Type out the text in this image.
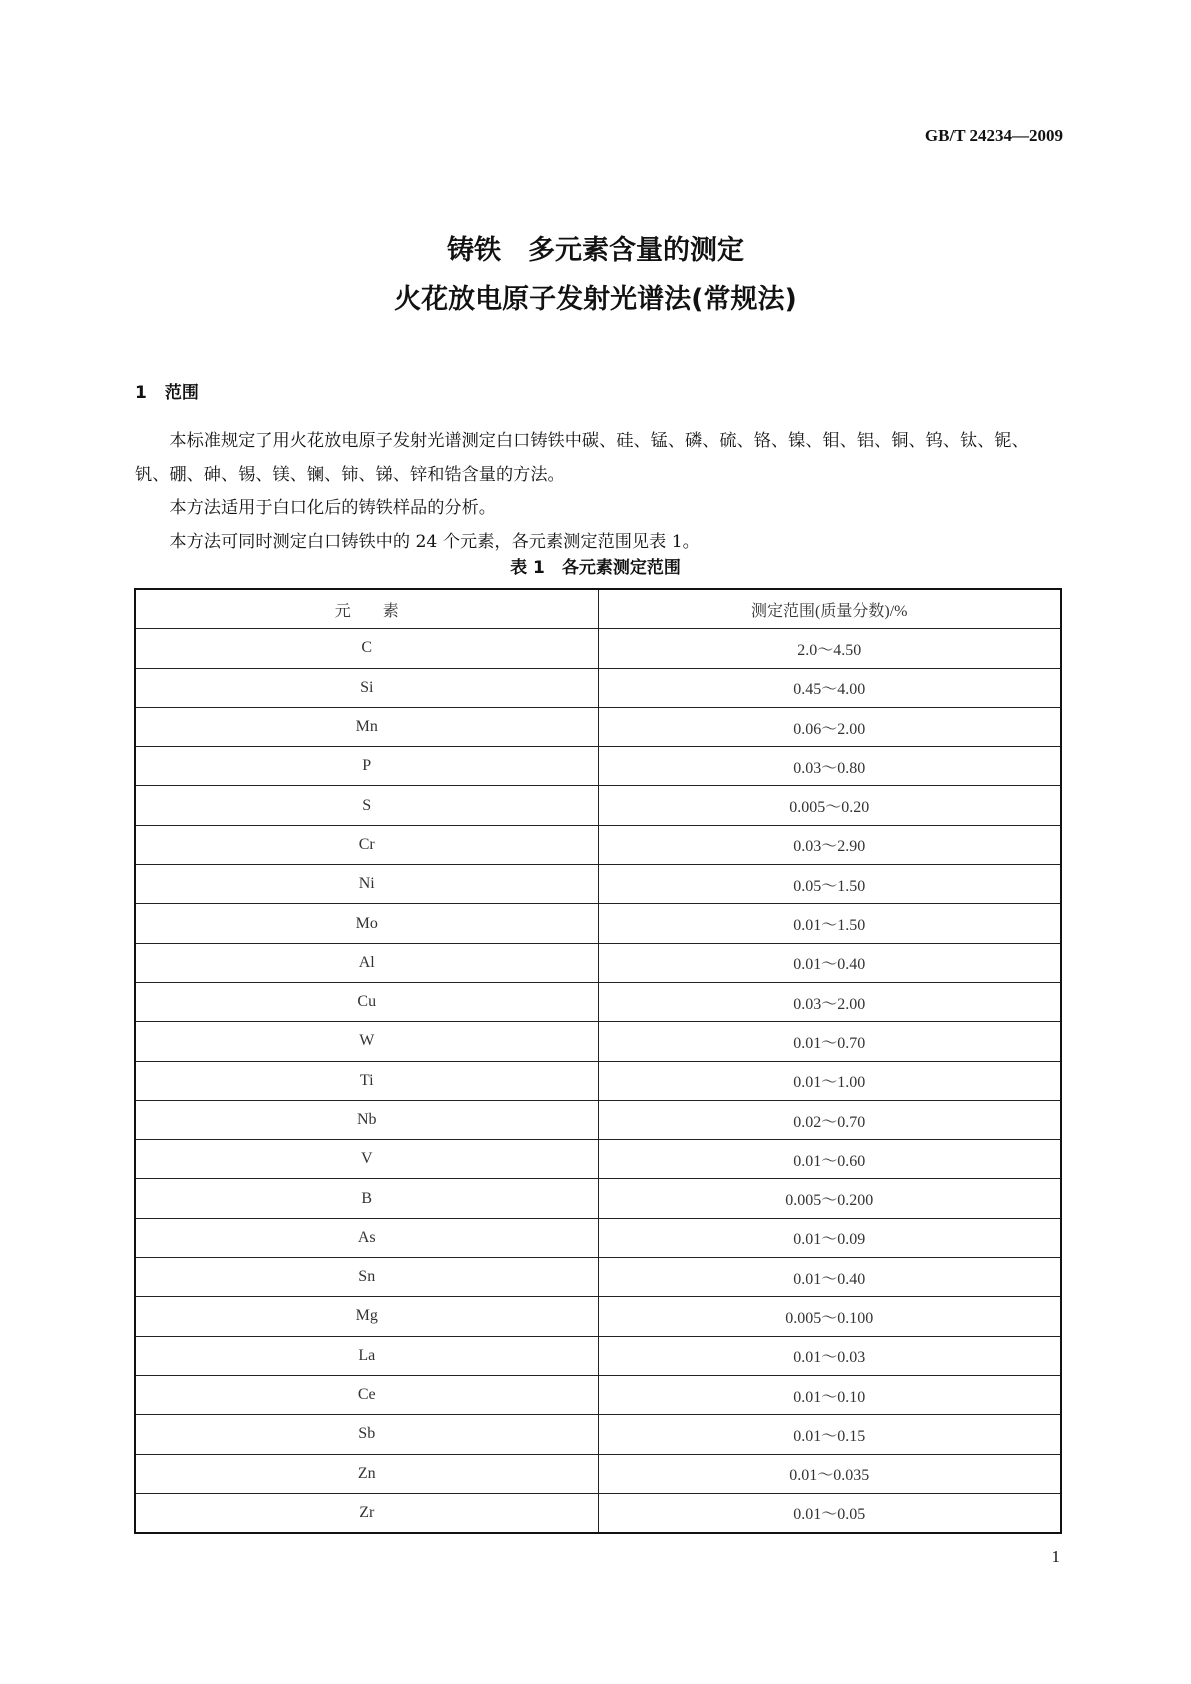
GB/T 24234—2009
铸铁　多元素含量的测定
火花放电原子发射光谱法(常规法)
1 范围

本标准规定了用火花放电原子发射光谱测定白口铸铁中碳、硅、锰、磷、硫、铬、镍、钼、铝、铜、钨、钛、铌、钒、硼、砷、锡、镁、镧、铈、锑、锌和锆含量的方法。

本方法适用于白口化后的铸铁样品的分析。

本方法可同时测定白口铸铁中的 24 个元素，各元素测定范围见表 1。

表 1　各元素测定范围
元　　素	测定范围(质量分数)/%
C	2.0～4.50
Si	0.45～4.00
Mn	0.06～2.00
P	0.03～0.80
S	0.005～0.20
Cr	0.03～2.90
Ni	0.05～1.50
Mo	0.01～1.50
Al	0.01～0.40
Cu	0.03～2.00
W	0.01～0.70
Ti	0.01～1.00
Nb	0.02～0.70
V	0.01～0.60
B	0.005～0.200
As	0.01～0.09
Sn	0.01～0.40
Mg	0.005～0.100
La	0.01～0.03
Ce	0.01～0.10
Sb	0.01～0.15
Zn	0.01～0.035
Zr	0.01～0.05
1
